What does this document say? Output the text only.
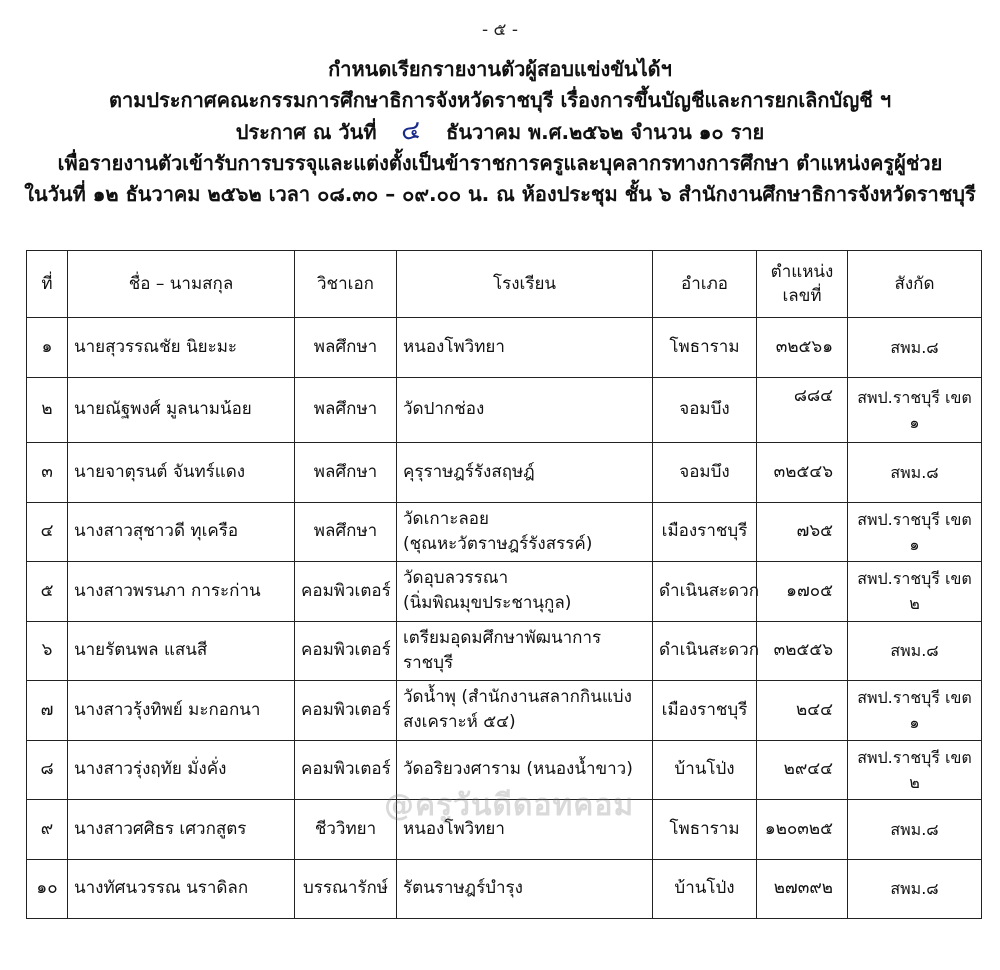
- ๕ -
กำหนดเรียกรายงานตัวผู้สอบแข่งขันได้ฯ
ตามประกาศคณะกรรมการศึกษาธิการจังหวัดราชบุรี เรื่องการขึ้นบัญชีและการยกเลิกบัญชี ฯ
ประกาศ ณ วันที่ ๔ ธันวาคม พ.ศ.๒๕๖๒ จำนวน ๑๐ ราย
เพื่อรายงานตัวเข้ารับการบรรจุและแต่งตั้งเป็นข้าราชการครูและบุคลากรทางการศึกษา ตำแหน่งครูผู้ช่วย
ในวันที่ ๑๒ ธันวาคม ๒๕๖๒ เวลา ๐๘.๓๐ – ๐๙.๐๐ น. ณ ห้องประชุม ชั้น ๖ สำนักงานศึกษาธิการจังหวัดราชบุรี
ที่	ชื่อ – นามสกุล	วิชาเอก	โรงเรียน	อำเภอ	ตำแหน่ง
เลขที่	สังกัด
๑	นายสุวรรณชัย นิยะมะ	พลศึกษา	หนองโพวิทยา	โพธาราม	๓๒๕๖๑	สพม.๘
๒	นายณัฐพงศ์ มูลนามน้อย	พลศึกษา	วัดปากช่อง	จอมบึง	๘๘๔	สพป.ราชบุรี เขต ๑
๓	นายจาตุรนต์ จันทร์แดง	พลศึกษา	คุรุราษฎร์รังสฤษฎ์	จอมบึง	๓๒๕๔๖	สพม.๘
๔	นางสาวสุชาวดี ทุเครือ	พลศึกษา	วัดเกาะลอย
(ชุณหะวัตราษฎร์รังสรรค์)	เมืองราชบุรี	๗๖๕	สพป.ราชบุรี เขต ๑
๕	นางสาวพรนภา การะก่าน	คอมพิวเตอร์	วัดอุบลวรรณา
(นิ่มพิณมุขประชานุกูล)	ดำเนินสะดวก	๑๗๐๕	สพป.ราชบุรี เขต ๒
๖	นายรัตนพล แสนสี	คอมพิวเตอร์	เตรียมอุดมศึกษาพัฒนาการ
ราชบุรี	ดำเนินสะดวก	๓๒๕๕๖	สพม.๘
๗	นางสาวรุ้งทิพย์ มะกอกนา	คอมพิวเตอร์	วัดน้ำพุ (สำนักงานสลากกินแบ่ง
สงเคราะห์ ๕๔)	เมืองราชบุรี	๒๔๔	สพป.ราชบุรี เขต ๑
๘	นางสาวรุ่งฤทัย มั่งคั่ง	คอมพิวเตอร์	วัดอริยวงศาราม (หนองน้ำขาว)	บ้านโป่ง	๒๙๔๔	สพป.ราชบุรี เขต ๒
๙	นางสาวศศิธร เศวกสูตร	ชีววิทยา	หนองโพวิทยา	โพธาราม	๑๒๐๓๒๕	สพม.๘
๑๐	นางทัศนวรรณ นราดิลก	บรรณารักษ์	รัตนราษฎร์บำรุง	บ้านโป่ง	๒๗๓๙๒	สพม.๘
@ครูวันดีดอทคอม
